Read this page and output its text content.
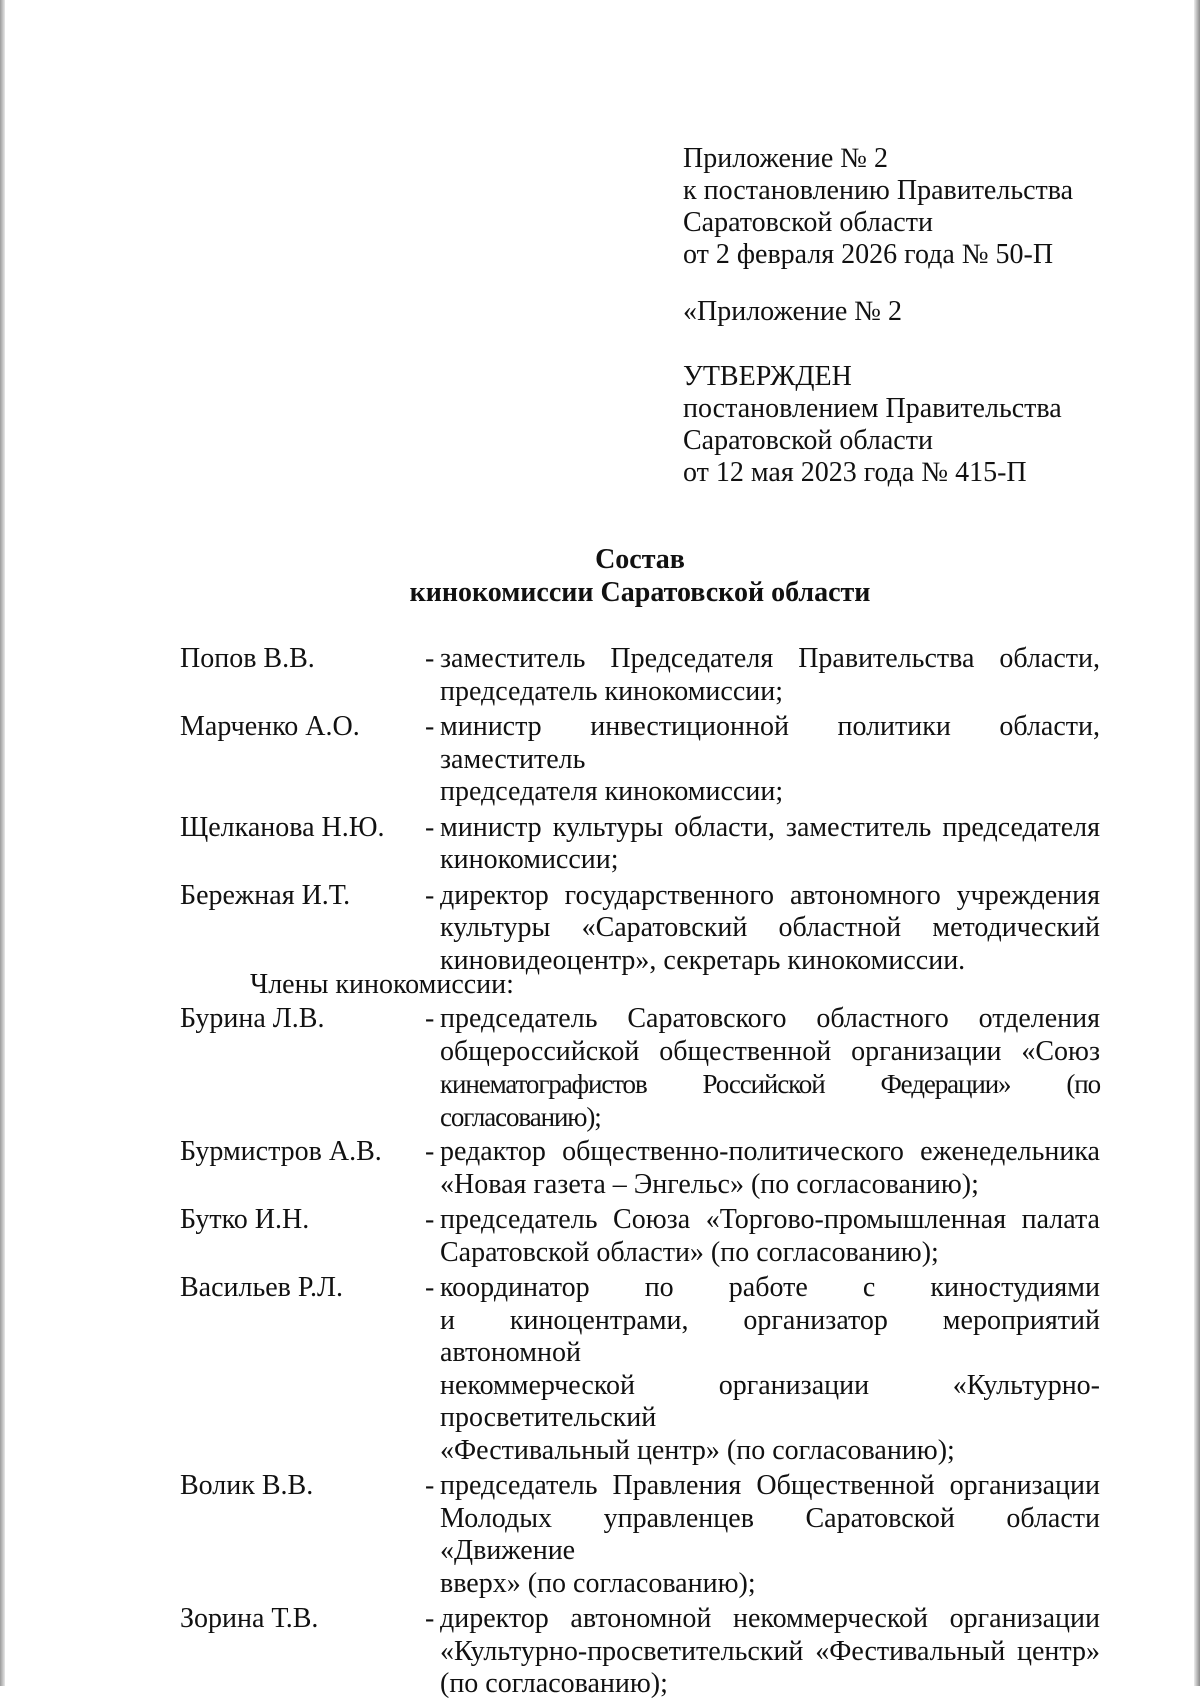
Приложение № 2
к постановлению Правительства
Саратовской области
от 2 февраля 2026 года № 50-П
«Приложение № 2
УТВЕРЖДЕН
постановлением Правительства
Саратовской области
от 12 мая 2023 года № 415-П
Состав
кинокомиссии Саратовской области
Попов В.В.	- заместитель Председателя Правительства области,
председатель кинокомиссии;
Марченко А.О. - министр инвестиционной политики области, заместитель
председателя кинокомиссии;
Щелканова Н.Ю. - министр культуры области, заместитель председателя
кинокомиссии;
Бережная И.Т.	- директор государственного автономного учреждения
культуры «Саратовский областной методический
киновидеоцентр», секретарь кинокомиссии.
Члены кинокомиссии:
Бурина Л.В.	- председатель Саратовского областного отделения
общероссийской общественной организации «Союз
кинематографистов Российской Федерации» (по согласованию);
Бурмистров А.В. - редактор общественно-политического еженедельника
«Новая газета – Энгельс» (по согласованию);
Бутко И.Н.	- председатель Союза «Торгово-промышленная палата
Саратовской области» (по согласованию);
Васильев Р.Л.	- координатор по работе с киностудиями
и киноцентрами, организатор мероприятий автономной
некоммерческой организации «Культурно-просветительский
«Фестивальный центр» (по согласованию);
Волик В.В.	- председатель Правления Общественной организации
Молодых управленцев Саратовской области «Движение
вверх» (по согласованию);
Зорина Т.В.	- директор автономной некоммерческой организации
«Культурно-просветительский «Фестивальный центр»
(по согласованию);
